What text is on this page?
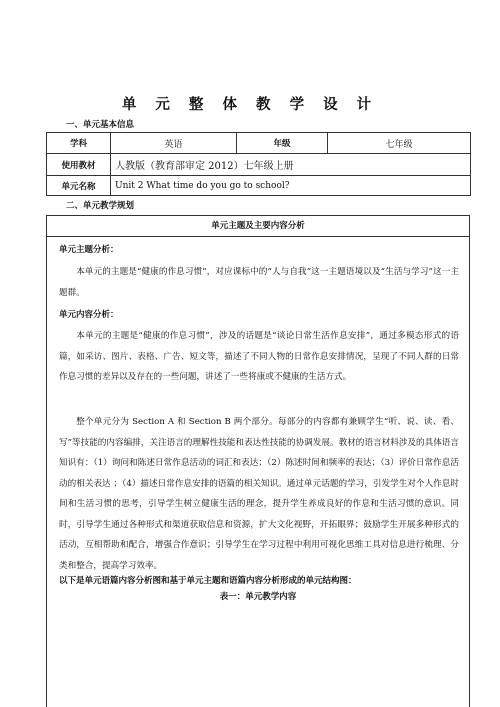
单 元 整 体 教 学 设 计
一、单元基本信息
学科	英语	年级	七年级
使用教材	人教版（教育部审定 2012）七年级上册		
单元名称	Unit 2 What time do you go to school?		
二、单元教学规划
单元主题及主要内容分析
单元主题分析：
本单元的主题是“健康的作息习惯”，对应课标中的“人与自我”这一主题语境以及“生活与学习”这一主题群。
单元内容分析：
本单元的主题是“健康的作息习惯”，涉及的话题是“谈论日常生活作息安排”，通过多模态形式的语篇，如采访、图片、表格、广告、短文等，描述了不同人物的日常作息安排情况，呈现了不同人群的日常作息习惯的差异以及存在的一些问题，讲述了一些将康或不健康的生活方式。
整个单元分为 Section A 和 Section B 两个部分。每部分的内容都有兼顾学生“听、说、读、看、写”等技能的内容编排，关注语言的理解性技能和表达性技能的协调发展。教材的语言材料涉及的具体语言知识有：（1）询问和陈述日常作息活动的词汇和表达；（2）陈述时间和频率的表达；（3）评价日常作息活动的相关表达 ；（4）描述日常作息安排的语篇的相关知识。通过单元话题的学习，引发学生对个人作息时间和生活习惯的思考，引导学生树立健康生活的理念，提升学生养成良好的作息和生活习惯的意识。同时，引导学生通过各种形式和渠道获取信息和资源，扩大文化视野，开拓眼界；鼓励学生开展多种形式的活动，互相帮助和配合，增强合作意识；引导学生在学习过程中利用可视化思维工具对信息进行梳理、分类和整合，提高学习效率。
以下是单元语篇内容分析图和基于单元主题和语篇内容分析形成的单元结构图：
表一：单元教学内容
